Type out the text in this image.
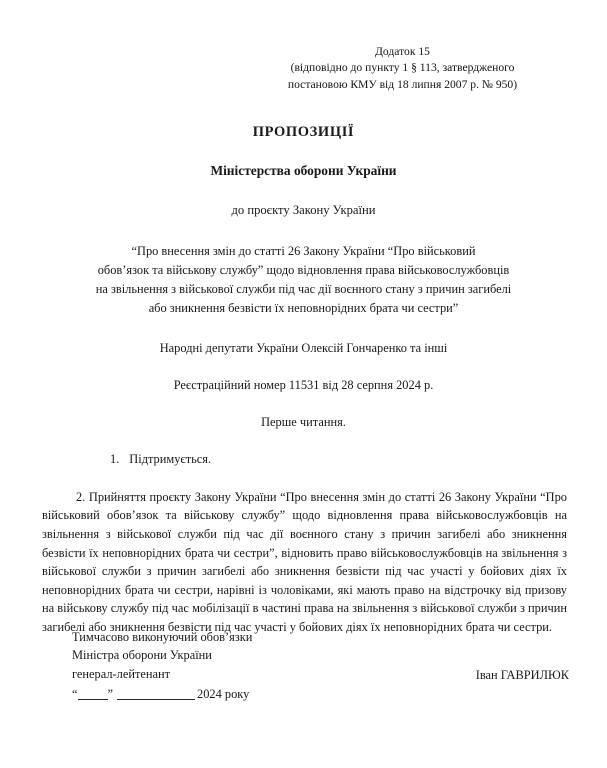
Додаток 15
(відповідно до пункту 1 § 113, затвердженого
постановою КМУ від 18 липня 2007 р. № 950)
ПРОПОЗИЦІЇ
Міністерства оборони України
до проєкту Закону України
“Про внесення змін до статті 26 Закону України “Про військовий
обов’язок та військову службу” щодо відновлення права військовослужбовців
на звільнення з військової служби під час дії воєнного стану з причин загибелі
або зникнення безвісти їх неповнорідних брата чи сестри”
Народні депутати України Олексій Гончаренко та інші
Реєстраційний номер 11531 від 28 серпня 2024 р.
Перше читання.
1. Підтримується.
2. Прийняття проєкту Закону України “Про внесення змін до статті 26 Закону України “Про військовий обов’язок та військову службу” щодо відновлення права військовослужбовців на звільнення з військової служби під час дії воєнного стану з причин загибелі або зникнення безвісти їх неповнорідних брата чи сестри”, відновить право військовослужбовців на звільнення з військової служби з причин загибелі або зникнення безвісти під час участі у бойових діях їх неповнорідних брата чи сестри, нарівні із чоловіками, які мають право на відстрочку від призову на військову службу під час мобілізації в частині права на звільнення з військової служби з причин загибелі або зникнення безвісти під час участі у бойових діях їх неповнорідних брата чи сестри.
Тимчасово виконуючий обовʼязки
Міністра оборони України
генерал-лейтенант	Іван ГАВРИЛЮК
“ ”	2024 року
